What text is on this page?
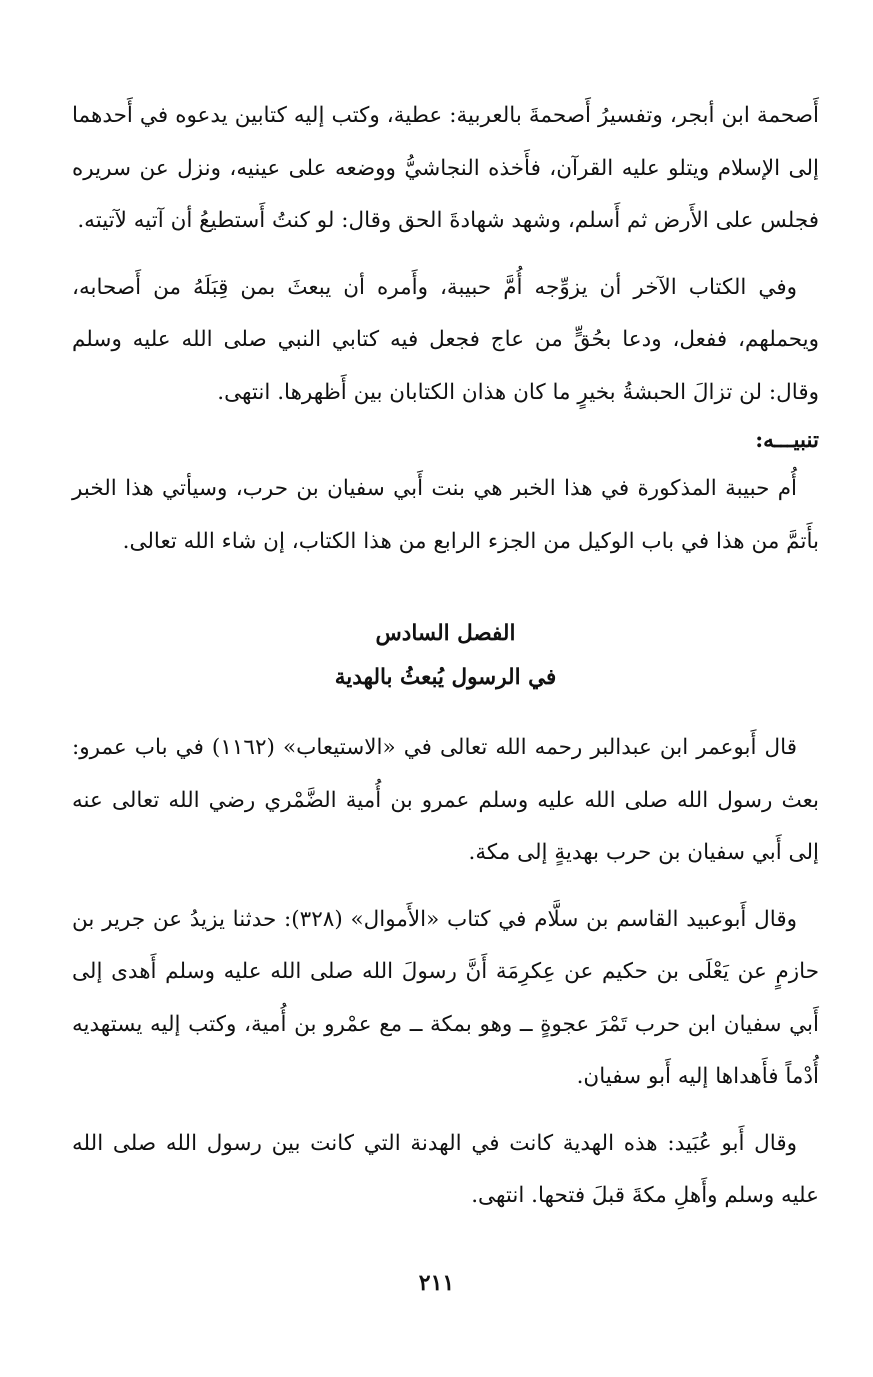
أَصحمة ابن أبجر، وتفسيرُ أَصحمةَ بالعربية: عطية، وكتب إليه كتابين يدعوه في أَحدهما إلى الإسلام ويتلو عليه القرآن، فأَخذه النجاشيُّ ووضعه على عينيه، ونزل عن سريره فجلس على الأَرض ثم أَسلم، وشهد شهادةَ الحق وقال: لو كنتُ أَستطيعُ أن آتيه لآتيته.

وفي الكتاب الآخر أن يزوِّجه أُمَّ حبيبة، وأَمره أن يبعثَ بمن قِبَلَهُ من أَصحابه، ويحملهم، ففعل، ودعا بحُقٍّ من عاج فجعل فيه كتابي النبي صلى الله عليه وسلم وقال: لن تزالَ الحبشةُ بخيرٍ ما كان هذان الكتابان بين أَظهرها. انتهى.

تنبيـــه:

أُم حبيبة المذكورة في هذا الخبر هي بنت أَبي سفيان بن حرب، وسيأتي هذا الخبر بأَتمَّ من هذا في باب الوكيل من الجزء الرابع من هذا الكتاب، إن شاء الله تعالى.

الفصل السادس
في الرسول يُبعثُ بالهدية

قال أَبوعمر ابن عبدالبر رحمه الله تعالى في «الاستيعاب» (١١٦٢) في باب عمرو: بعث رسول الله صلى الله عليه وسلم عمرو بن أُمية الضَّمْري رضي الله تعالى عنه إلى أَبي سفيان بن حرب بهديةٍ إلى مكة.

وقال أَبوعبيد القاسم بن سلَّام في كتاب «الأَموال» (٣٢٨): حدثنا يزيدُ عن جرير بن حازمٍ عن يَعْلَى بن حكيم عن عِكرِمَة أَنَّ رسولَ الله صلى الله عليه وسلم أَهدى إلى أَبي سفيان ابن حرب تَمْرَ عجوةٍ ــ وهو بمكة ــ مع عمْرو بن أُمية، وكتب إليه يستهديه أُدْماً فأَهداها إليه أَبو سفيان.

وقال أَبو عُبَيد: هذه الهدية كانت في الهدنة التي كانت بين رسول الله صلى الله عليه وسلم وأَهلِ مكةَ قبلَ فتحها. انتهى.

٢١١
